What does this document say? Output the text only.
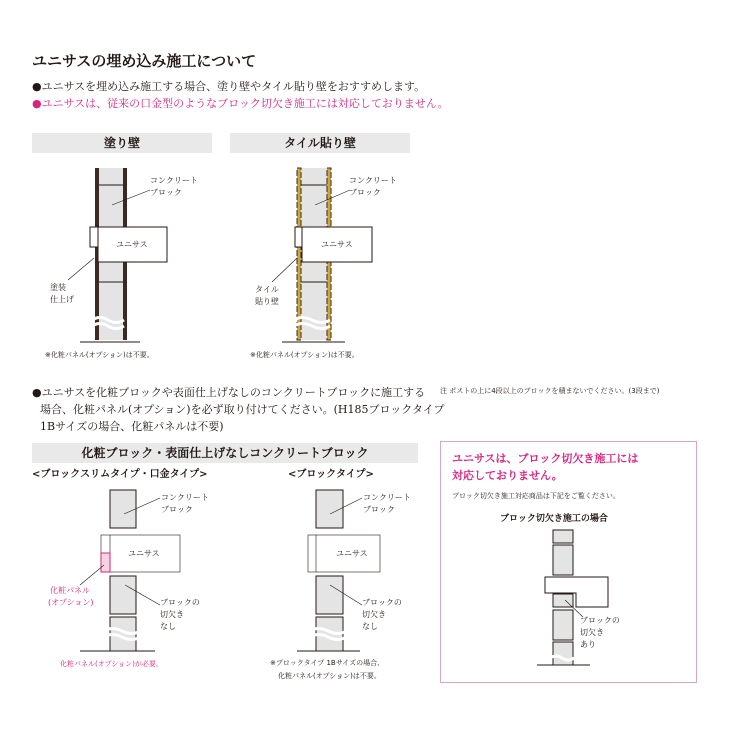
ユニサスの埋め込み施工について
●ユニサスを埋め込み施工する場合、塗り壁やタイル貼り壁をおすすめします。
●ユニサスは、従来の口金型のようなブロック切欠き施工には対応しておりません。
塗り壁	タイル貼り壁
化粧ブロック・表面仕上げなしコンクリートブロック
コンクリート
ブロック
ユニサス
塗装
仕上げ
※化粧パネル(オプション)は不要。
コンクリート
ブロック
ユニサス
タイル
貼り壁
※化粧パネル(オプション)は不要。
●ユニサスを化粧ブロックや表面仕上げなしのコンクリートブロックに施工する
場合、化粧パネル(オプション)を必ず取り付けてください。(H185ブロックタイプ
1Bサイズの場合、化粧パネルは不要)
注 ポストの上に4段以上のブロックを積まないでください。(3段まで)
<ブロックスリムタイプ・口金タイプ>
コンクリート
ブロック
ユニサス
化粧パネル
(オプション)	ブロックの
切欠き
なし
化粧パネル(オプション)が必要。
<ブロックタイプ>
コンクリート
ブロック
ユニサス
ブロックの
切欠き
なし
※ブロックタイプ 1Bサイズの場合、
化粧パネル(オプション)は不要。
ユニサスは、ブロック切欠き施工には
対応しておりません。
ブロック切欠き施工対応商品は下記をご覧ください。
ブロック切欠き施工の場合
ブロックの
切欠き
あり
